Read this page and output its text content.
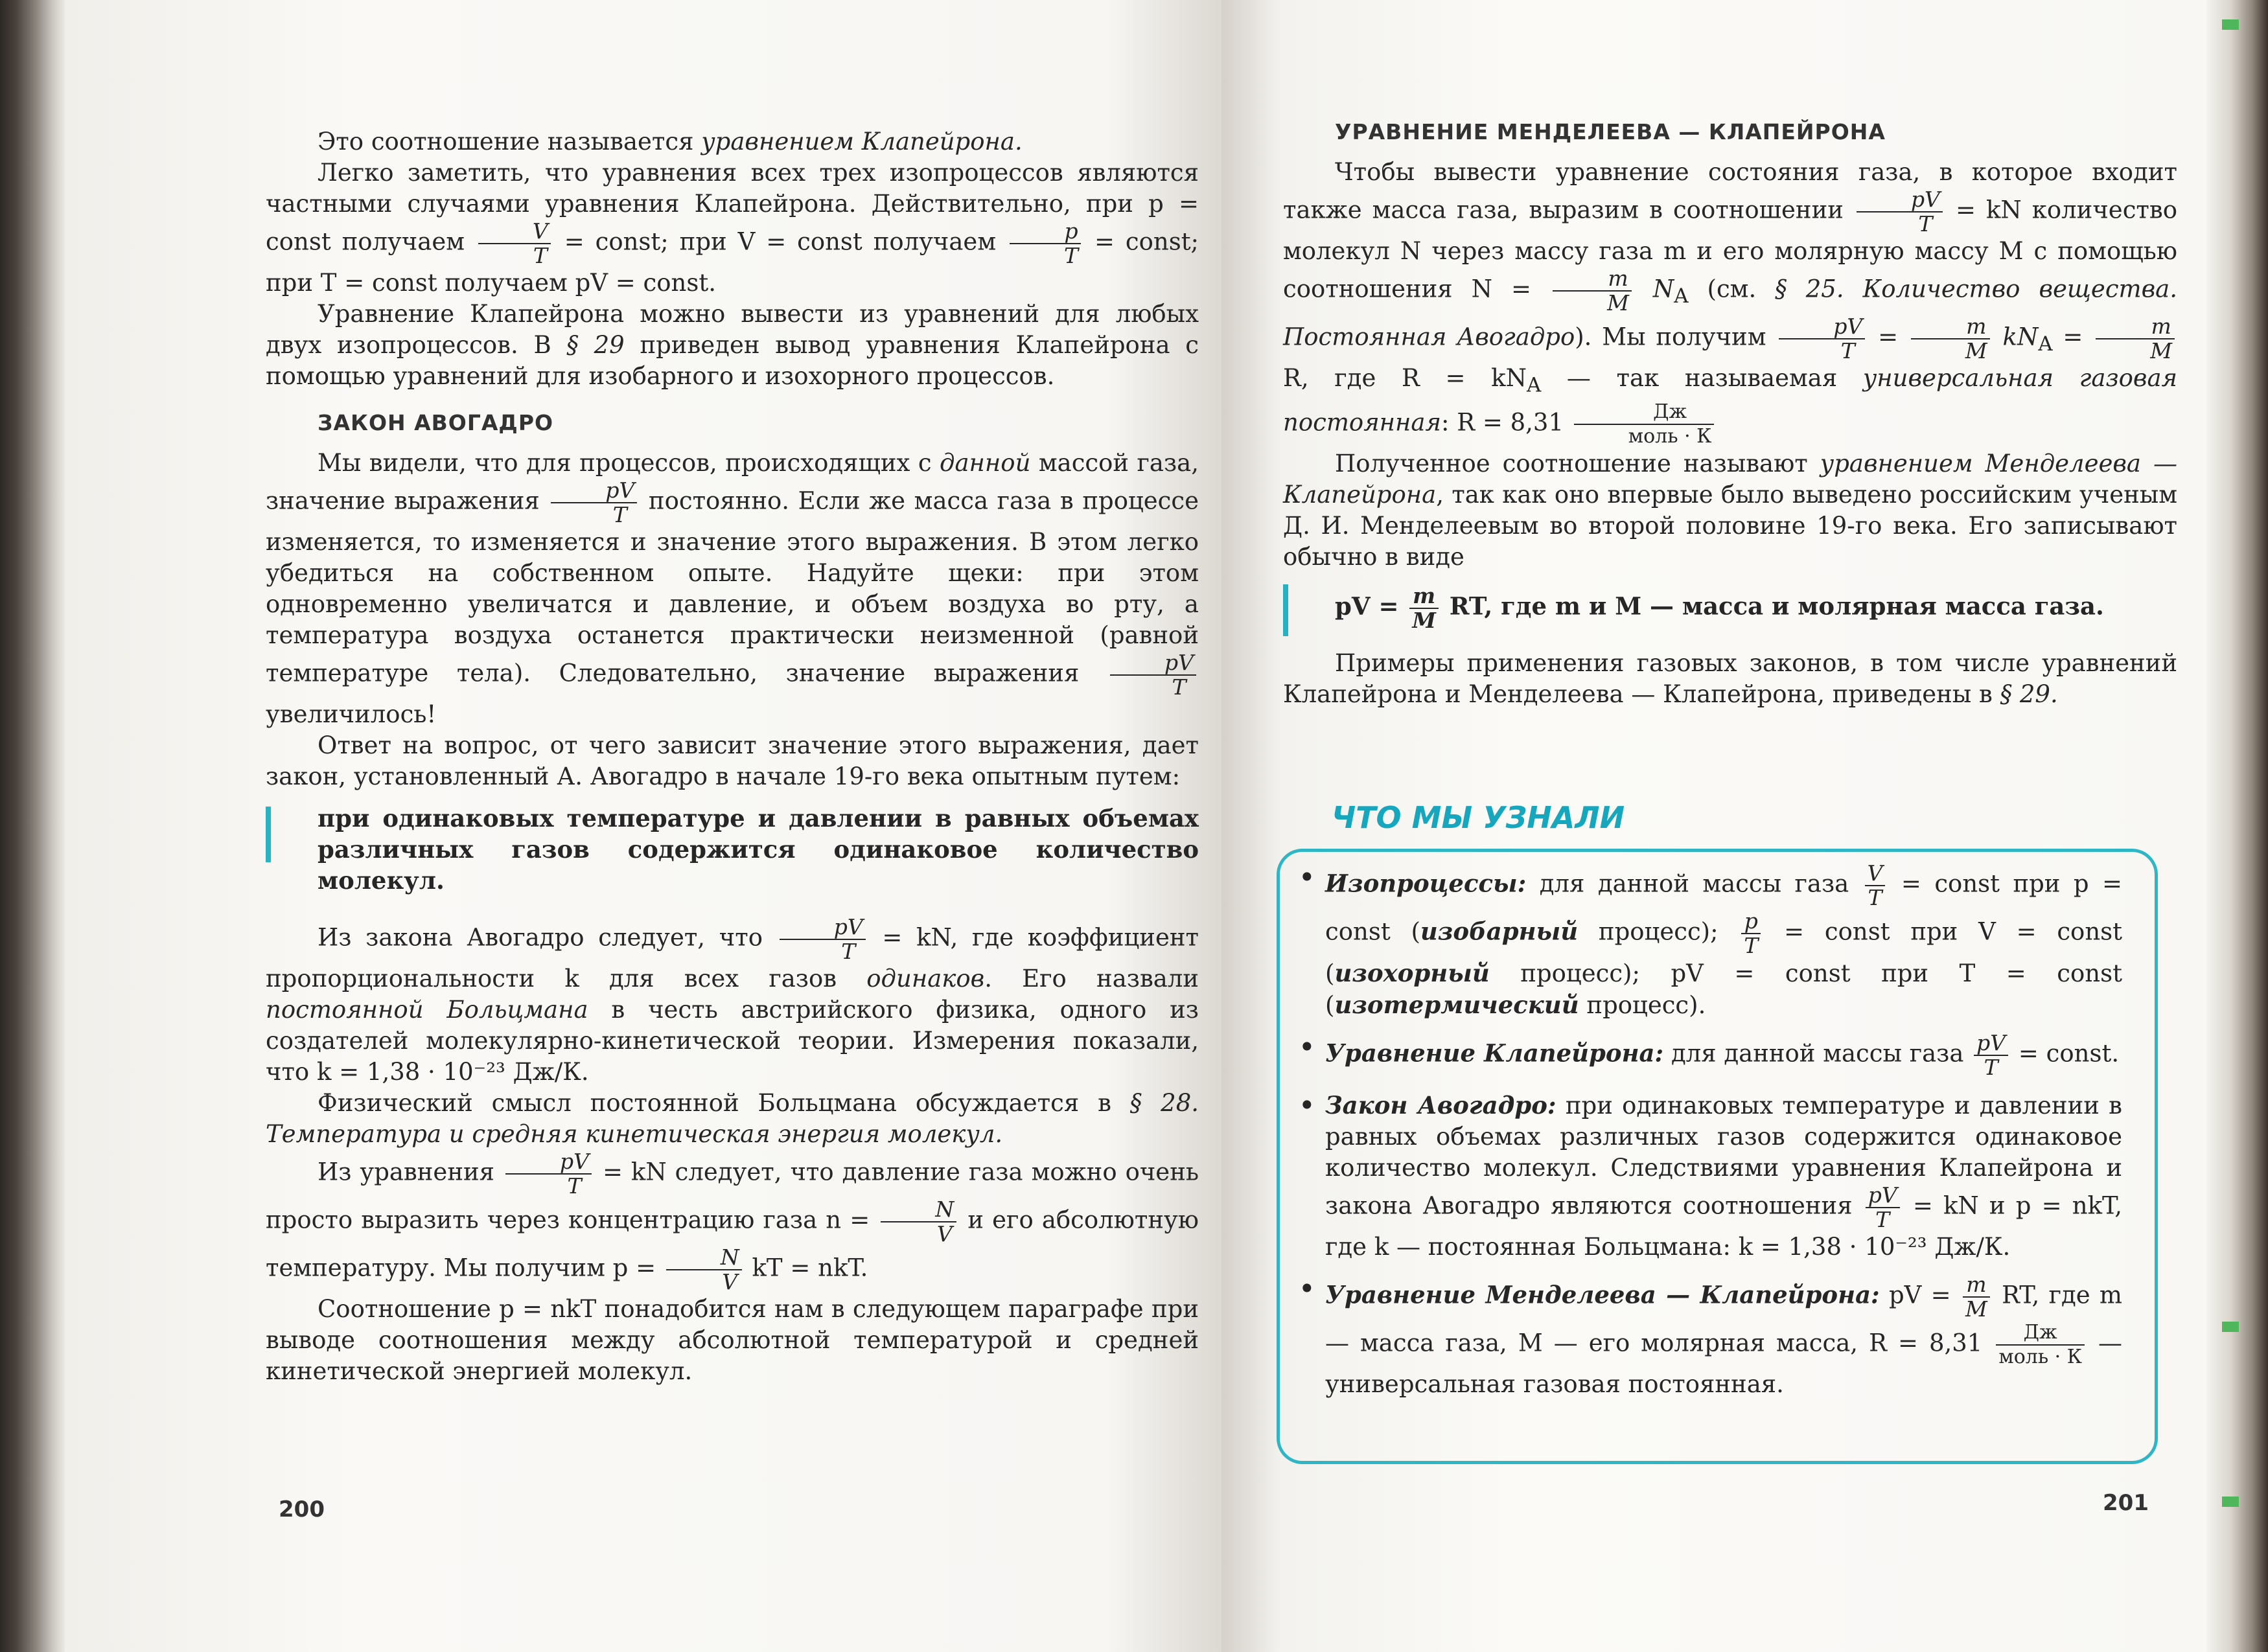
Это соотношение называется уравнением Клапейрона.

Легко заметить, что уравнения всех трех изопроцессов являются частными случаями уравнения Клапейрона. Действительно, при p = const получаем $\frac{V}{T}$ = const; при V = const получаем $\frac{p}{T}$ = const; при T = const получаем pV = const.

Уравнение Клапейрона можно вывести из уравнений для любых двух изопроцессов. В § 29 приведен вывод уравнения Клапейрона с помощью уравнений для изобарного и изохорного процессов.

ЗАКОН АВОГАДРО

Мы видели, что для процессов, происходящих с данной массой газа, значение выражения $\frac{pV}{T}$ постоянно. Если же масса газа в процессе изменяется, то изменяется и значение этого выражения. В этом легко убедиться на собственном опыте. Надуйте щеки: при этом одновременно увеличатся и давление, и объем воздуха во рту, а температура воздуха останется практически неизменной (равной температуре тела). Следовательно, значение выражения $\frac{pV}{T}$
увеличилось!

Ответ на вопрос, от чего зависит значение этого выражения, дает закон, установленный А. Авогадро в начале 19-го века опытным путем:

при одинаковых температуре и давлении в равных объемах различных газов содержится одинаковое количество молекул.

Из закона Авогадро следует, что $\frac{pV}{T}$ = kN, где коэффициент пропорциональности k для всех газов одинаков. Его назвали постоянной Больцмана в честь австрийского физика, одного из создателей молекулярно-кинетической теории. Измерения показали, что k = 1,38 · 10⁻²³ Дж/К.

Физический смысл постоянной Больцмана обсуждается в § 28. Температура и средняя кинетическая энергия молекул.

Из уравнения $\frac{pV}{T}$ = kN следует, что давление газа можно очень просто выразить через концентрацию газа $n = \frac{N}{V}$ и его абсолютную температуру. Мы получим $p = \frac{N}{V}$ kT = nkT.

Соотношение p = nkT понадобится нам в следующем параграфе при выводе соотношения между абсолютной температурой и средней кинетической энергией молекул.

200

УРАВНЕНИЕ МЕНДЕЛЕЕВА — КЛАПЕЙРОНА

Чтобы вывести уравнение состояния газа, в которое входит также масса газа, выразим в соотношении $\frac{pV}{T}$ = kN количество молекул N через массу газа m и его молярную массу M с помощью соотношения $N = \frac{m}{M} N_A$ (см. § 25. Количество вещества. Постоянная Авогадро). Мы получим $\frac{pV}{T} = \frac{m}{M} kN_A = \frac{m}{M}$
R, где $R = kN_A$ — так называемая универсальная газовая постоянная: R = 8,31	Дж
моль · К

Полученное соотношение называют уравнением Менделеева — Клапейрона, так как оно впервые было выведено российским ученым Д. И. Менделеевым во второй половине 19-го века. Его записывают обычно в виде

pV = $\frac{m}{M}$ RT, где m и M — масса и молярная масса газа.

Примеры применения газовых законов, в том числе уравнений Клапейрона и Менделеева — Клапейрона, приведены в § 29.

ЧТО МЫ УЗНАЛИ
• Изопроцессы: для данной массы газа $\frac{V}{T}$ = const при p = const (изобарный процесс); $\frac{p}{T}$ = const при V = const (изохорный процесс); pV = const при T = const (изотермический процесс).
• Уравнение Клапейрона: для данной массы газа $\frac{pV}{T}$ = const.
• Закон Авогадро: при одинаковых температуре и давлении в равных объемах различных газов содержится одинаковое количество молекул. Следствиями уравнения Клапейрона и закона Авогадро являются соотношения $\frac{pV}{T}$ = kN и p = nkT, где k — постоянная Больцмана: k = 1,38 · 10⁻²³ Дж/К.
• Уравнение Менделеева — Клапейрона: pV = $\frac{m}{M}$ RT, где m — масса газа, M — его молярная масса, R = 8,31	Дж
моль · К — универсальная газовая постоянная.
201
